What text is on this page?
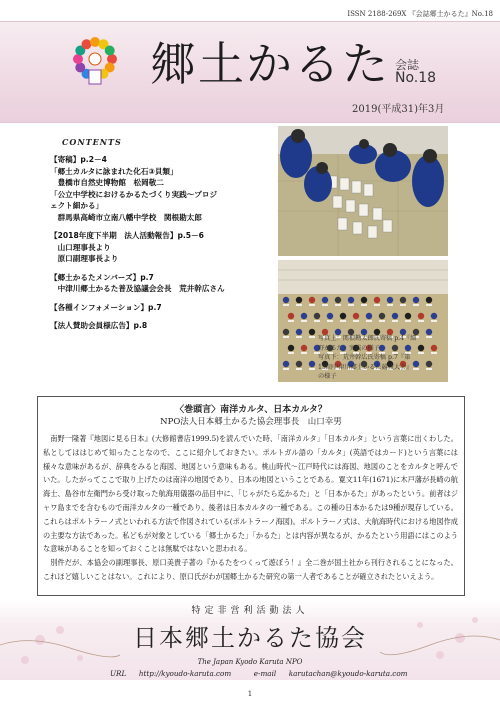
ISSN 2188-269X 『会誌郷土かるた』No.18
郷土かるた 会誌
No.18
2019(平成31)年3月
CONTENTS
【寄稿】p.2－4
「郷土カルタに詠まれた化石③貝類」
　豊橋市自然史博物館　松岡敬二
「公立中学校におけるかるたづくり実践～プロジ
ェクト細かる」
　群馬県高崎市立南八幡中学校　関根勘太郎
【2018年度下半期　法人活動報告】p.5－6
　山口理事長より
　原口副理事長より
【郷土かるたメンバーズ】p.7
　中津川郷土かるた普及協議会会長　荒井幹広さん
【各種インフォメーション】p.7
【法人賛助会員様広告】p.8
写真上：関根勘太郎氏寄稿 p.4『細野かるた』実践の様子
写真下：荒井幹広氏寄稿 p.7『第13回中津川郷土かるた競技大会』の様子
〈巻頭言〉南洋カルタ、日本カルタ？
NPO法人日本郷土かるた協会理事長　山口幸男
南野一隆著『地図に見る日本』(大修館書店1999.5)を読んでいた時、「南洋カルタ」「日本カルタ」という言葉に出くわした。私としてははじめて知ったことなので、ここに紹介しておきたい。ポルトガル語の「カルタ」(英語ではカード)という言葉には様々な意味があるが、辞典をみると海図、地図という意味もある。桃山時代～江戸時代には海図、地図のことをカルタと呼んでいた。したがってここで取り上げたのは南洋の地図であり、日本の地図ということである。寛文11年(1671)に木戸藩が長崎の航海士、島谷市左衛門から受け取った航海用儀器の品目中に、「じゃがたら迄かるた」と「日本かるた」があったという。前者はジャワ島までを含むもので南洋カルタの一種であり、後者は日本カルタの一種である。この種の日本かるたは9種が現存している。これらはポルトラーノ式といわれる方法で作図されている(ポルトラーノ海図)。ポルトラーノ式は、大航海時代における地図作成の主要な方法であった。私どもが対象としている「郷土かるた」「かるた」とは内容が異なるが、かるたという用語にはこのような意味があることを知っておくことは無駄ではないと思われる。
別件だが、本協会の副理事長、原口美貴子著の『かるたをつくって遊ぼう！』全二巻が国土社から刊行されることになった。これほど嬉しいことはない。これにより、原口氏がわが国郷土かるた研究の第一人者であることが確立されたといえよう。
特定非営利活動法人
日本郷土かるた協会
The Japan Kyodo Karuta NPO
URL http://kyoudo-karuta.com	e-mail karutachan@kyoudo-karuta.com
1
